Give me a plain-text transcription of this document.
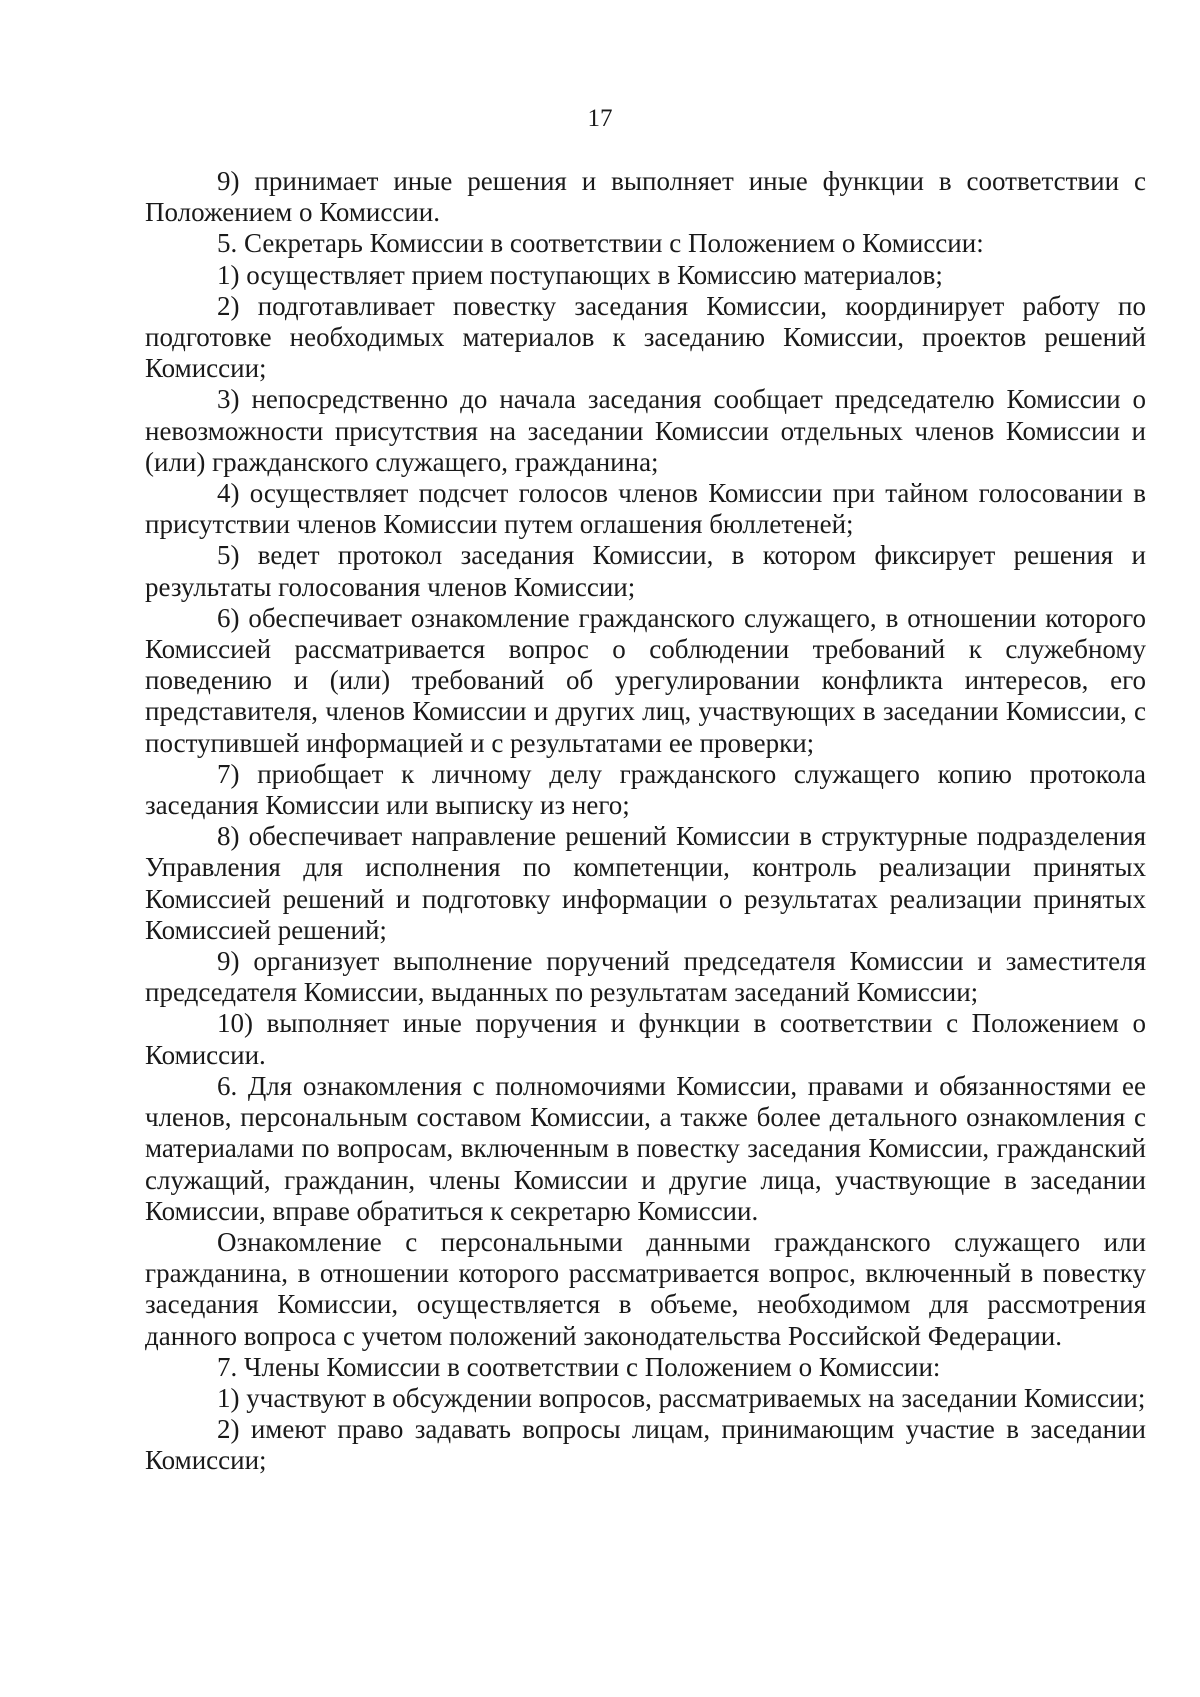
17

9) принимает иные решения и выполняет иные функции в соответствии с Положением о Комиссии.

5. Секретарь Комиссии в соответствии с Положением о Комиссии:

1) осуществляет прием поступающих в Комиссию материалов;

2) подготавливает повестку заседания Комиссии, координирует работу по подготовке необходимых материалов к заседанию Комиссии, проектов решений Комиссии;

3) непосредственно до начала заседания сообщает председателю Комиссии о невозможности присутствия на заседании Комиссии отдельных членов Комиссии и (или) гражданского служащего, гражданина;

4) осуществляет подсчет голосов членов Комиссии при тайном голосовании в присутствии членов Комиссии путем оглашения бюллетеней;

5) ведет протокол заседания Комиссии, в котором фиксирует решения и результаты голосования членов Комиссии;

6) обеспечивает ознакомление гражданского служащего, в отношении которого Комиссией рассматривается вопрос о соблюдении требований к служебному поведению и (или) требований об урегулировании конфликта интересов, его представителя, членов Комиссии и других лиц, участвующих в заседании Комиссии, с поступившей информацией и с результатами ее проверки;

7) приобщает к личному делу гражданского служащего копию протокола заседания Комиссии или выписку из него;

8) обеспечивает направление решений Комиссии в структурные подразделения Управления для исполнения по компетенции, контроль реализации принятых Комиссией решений и подготовку информации о результатах реализации принятых Комиссией решений;

9) организует выполнение поручений председателя Комиссии и заместителя председателя Комиссии, выданных по результатам заседаний Комиссии;

10) выполняет иные поручения и функции в соответствии с Положением о Комиссии.

6. Для ознакомления с полномочиями Комиссии, правами и обязанностями ее членов, персональным составом Комиссии, а также более детального ознакомления с материалами по вопросам, включенным в повестку заседания Комиссии, гражданский служащий, гражданин, члены Комиссии и другие лица, участвующие в заседании Комиссии, вправе обратиться к секретарю Комиссии.

Ознакомление с персональными данными гражданского служащего или гражданина, в отношении которого рассматривается вопрос, включенный в повестку заседания Комиссии, осуществляется в объеме, необходимом для рассмотрения данного вопроса с учетом положений законодательства Российской Федерации.

7. Члены Комиссии в соответствии с Положением о Комиссии:

1) участвуют в обсуждении вопросов, рассматриваемых на заседании Комиссии;

2) имеют право задавать вопросы лицам, принимающим участие в заседании Комиссии;
